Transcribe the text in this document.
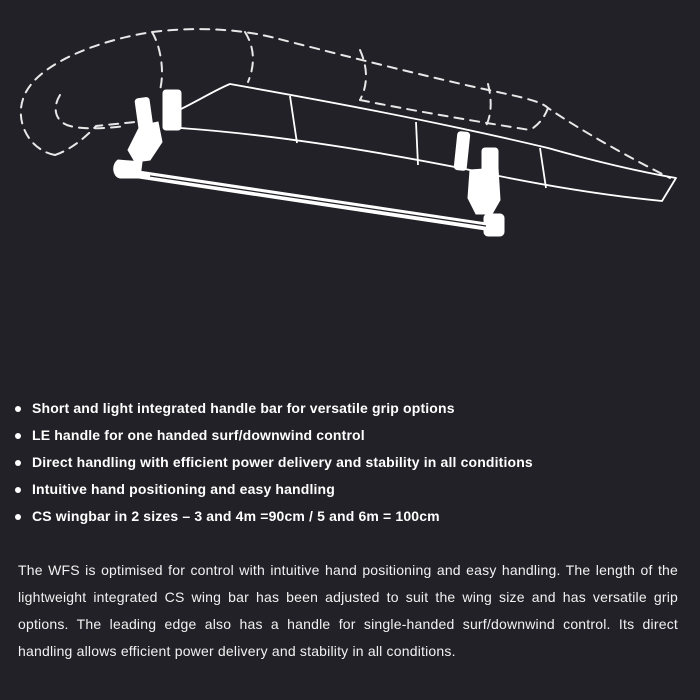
Short and light integrated handle bar for versatile grip options
LE handle for one handed surf/downwind control
Direct handling with efficient power delivery and stability in all conditions
Intuitive hand positioning and easy handling
CS wingbar in 2 sizes – 3 and 4m =90cm / 5 and 6m = 100cm

The WFS is optimised for control with intuitive hand positioning and easy handling. The length of the lightweight integrated CS wing bar has been adjusted to suit the wing size and has versatile grip options. The leading edge also has a handle for single-handed surf/downwind control. Its direct handling allows efficient power delivery and stability in all conditions.
